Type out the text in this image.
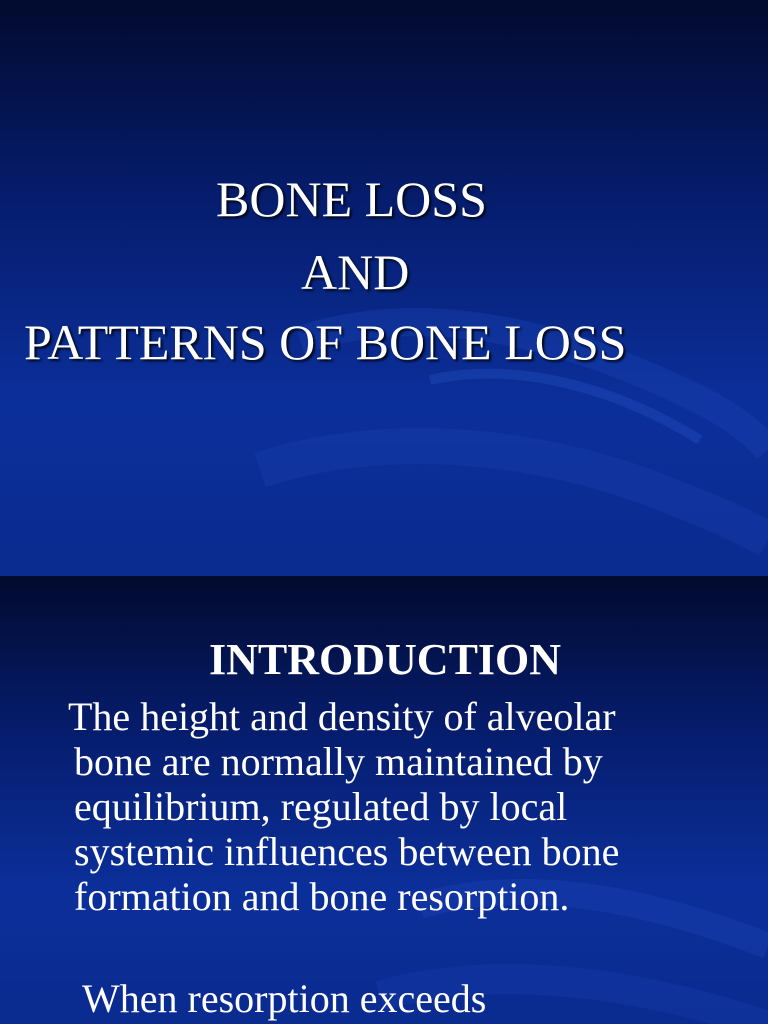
BONE LOSS
AND
PATTERNS OF BONE LOSS
INTRODUCTION
The height and density of alveolar
bone are normally maintained by
equilibrium, regulated by local
systemic influences between bone
formation and bone resorption.
When resorption exceeds
